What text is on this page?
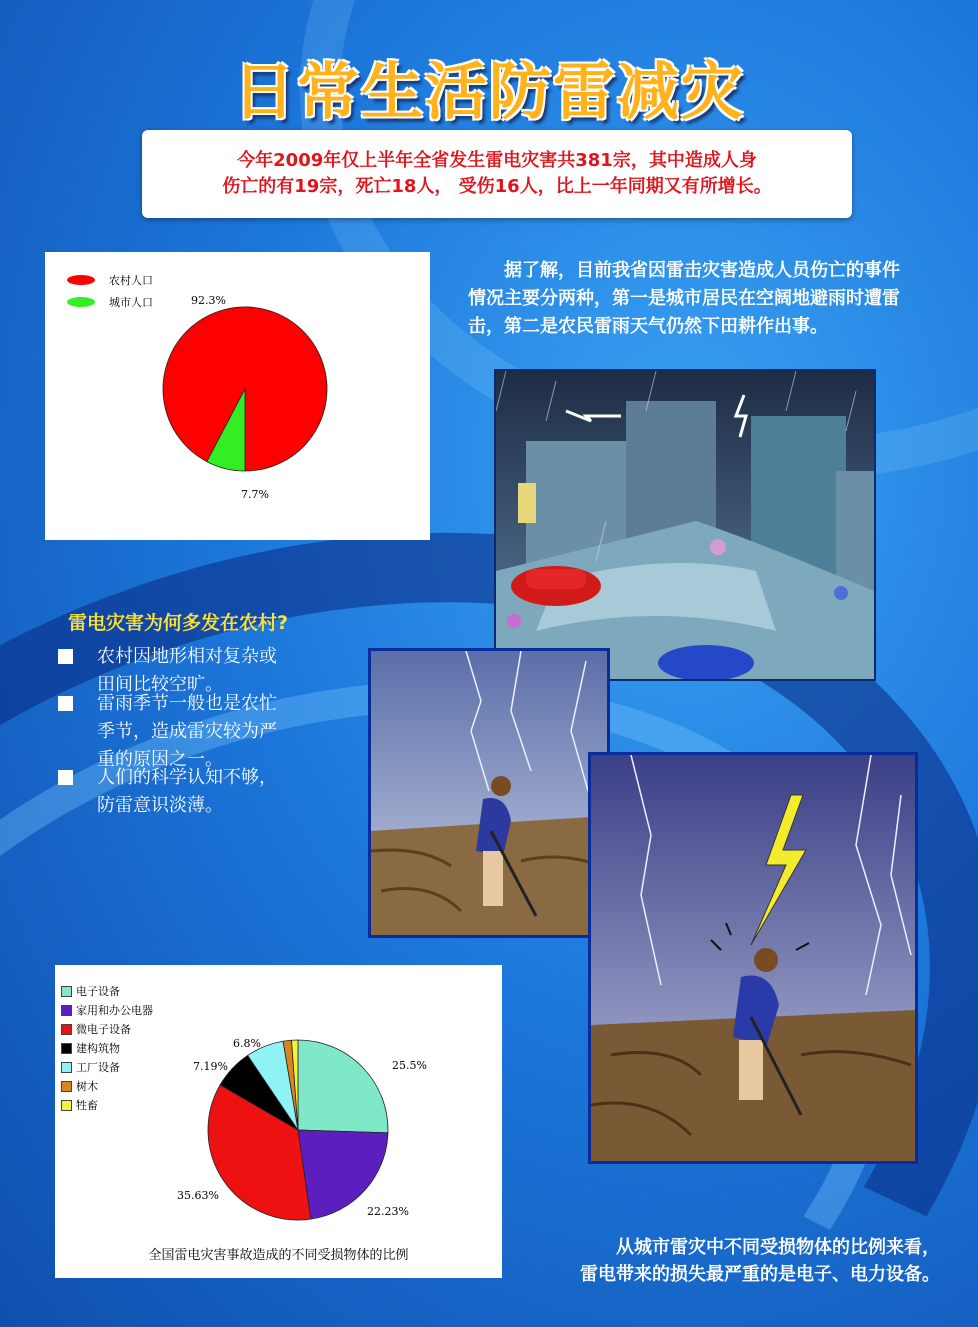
日常生活防雷减灾
今年2009年仅上半年全省发生雷电灾害共381宗，其中造成人身
伤亡的有19宗，死亡18人， 受伤16人，比上一年同期又有所增长。
农村人口
城市人口	92.3%
7.7%
据了解，目前我省因雷击灾害造成人员伤亡的事件情况主要分两种，第一是城市居民在空阔地避雨时遭雷击，第二是农民雷雨天气仍然下田耕作出事。
雷电灾害为何多发在农村?
农村因地形相对复杂或
田间比较空旷。
雷雨季节一般也是农忙
季节，造成雷灾较为严
重的原因之一。
人们的科学认知不够，
防雷意识淡薄。
电子设备
家用和办公电器
微电子设备
建构筑物
工厂设备
树木
牲畜
25.5%
22.23%
35.63%
7.19%
6.8%
全国雷电灾害事故造成的不同受损物体的比例	从城市雷灾中不同受损物体的比例来看，
雷电带来的损失最严重的是电子、电力设备。
